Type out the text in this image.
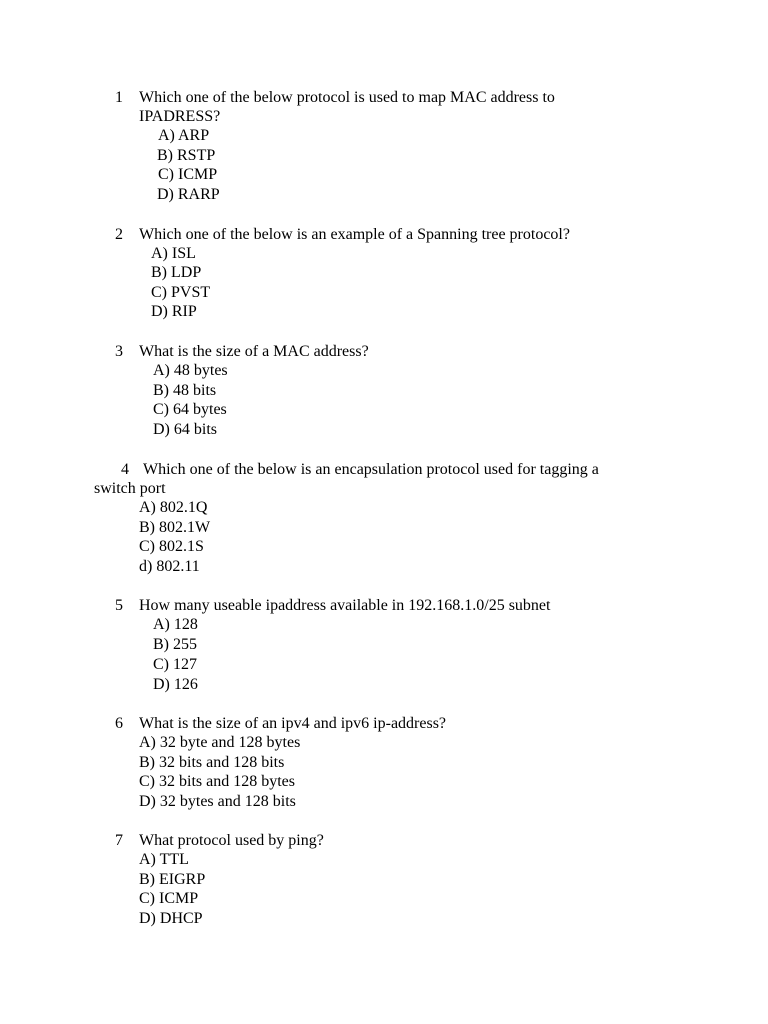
1 Which one of the below protocol is used to map MAC address to
IPADRESS?
A) ARP
B) RSTP
C) ICMP
D) RARP
2 Which one of the below is an example of a Spanning tree protocol?
A) ISL
B) LDP
C) PVST
D) RIP
3 What is the size of a MAC address?
A) 48 bytes
B) 48 bits
C) 64 bytes
D) 64 bits
4 Which one of the below is an encapsulation protocol used for tagging a
switch port
A) 802.1Q
B) 802.1W
C) 802.1S
d) 802.11
5 How many useable ipaddress available in 192.168.1.0/25 subnet
A) 128
B) 255
C) 127
D) 126
6 What is the size of an ipv4 and ipv6 ip-address?
A) 32 byte and 128 bytes
B) 32 bits and 128 bits
C) 32 bits and 128 bytes
D) 32 bytes and 128 bits
7 What protocol used by ping?
A) TTL
B) EIGRP
C) ICMP
D) DHCP
